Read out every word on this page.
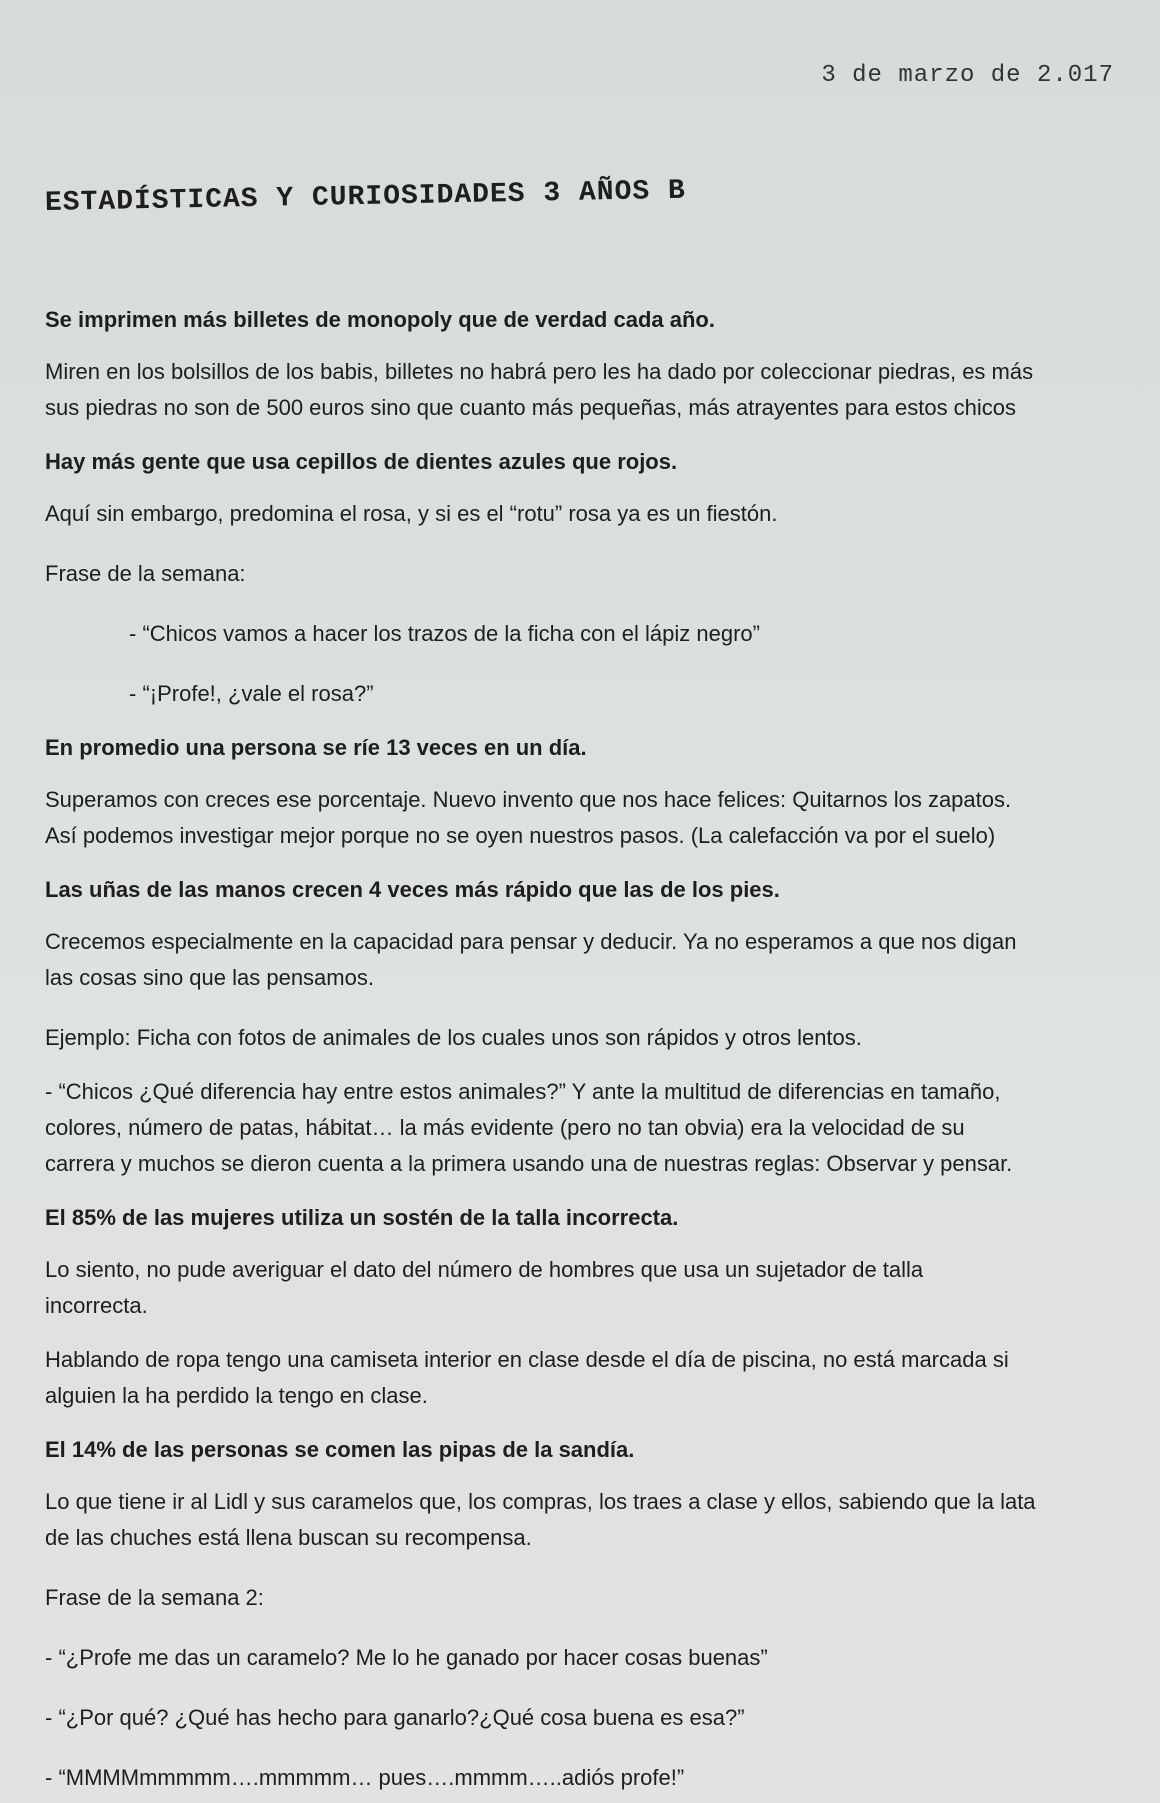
3 de marzo de 2.017
ESTADÍSTICAS Y CURIOSIDADES 3 AÑOS B

Se imprimen más billetes de monopoly que de verdad cada año.

Miren en los bolsillos de los babis, billetes no habrá pero les ha dado por coleccionar piedras, es más

sus piedras no son de 500 euros sino que cuanto más pequeñas, más atrayentes para estos chicos

Hay más gente que usa cepillos de dientes azules que rojos.

Aquí sin embargo, predomina el rosa, y si es el “rotu” rosa ya es un fiestón.

Frase de la semana:

- “Chicos vamos a hacer los trazos de la ficha con el lápiz negro”

- “¡Profe!, ¿vale el rosa?”

En promedio una persona se ríe 13 veces en un día.

Superamos con creces ese porcentaje. Nuevo invento que nos hace felices: Quitarnos los zapatos.

Así podemos investigar mejor porque no se oyen nuestros pasos. (La calefacción va por el suelo)

Las uñas de las manos crecen 4 veces más rápido que las de los pies.

Crecemos especialmente en la capacidad para pensar y deducir. Ya no esperamos a que nos digan

las cosas sino que las pensamos.

Ejemplo: Ficha con fotos de animales de los cuales unos son rápidos y otros lentos.

- “Chicos ¿Qué diferencia hay entre estos animales?” Y ante la multitud de diferencias en tamaño,

colores, número de patas, hábitat… la más evidente (pero no tan obvia) era la velocidad de su

carrera y muchos se dieron cuenta a la primera usando una de nuestras reglas: Observar y pensar.

El 85% de las mujeres utiliza un sostén de la talla incorrecta.

Lo siento, no pude averiguar el dato del número de hombres que usa un sujetador de talla

incorrecta.

Hablando de ropa tengo una camiseta interior en clase desde el día de piscina, no está marcada si

alguien la ha perdido la tengo en clase.

El 14% de las personas se comen las pipas de la sandía.

Lo que tiene ir al Lidl y sus caramelos que, los compras, los traes a clase y ellos, sabiendo que la lata

de las chuches está llena buscan su recompensa.

Frase de la semana 2:

- “¿Profe me das un caramelo? Me lo he ganado por hacer cosas buenas”

- “¿Por qué? ¿Qué has hecho para ganarlo?¿Qué cosa buena es esa?”

- “MMMMmmmmm….mmmmm… pues….mmmm…..adiós profe!”
